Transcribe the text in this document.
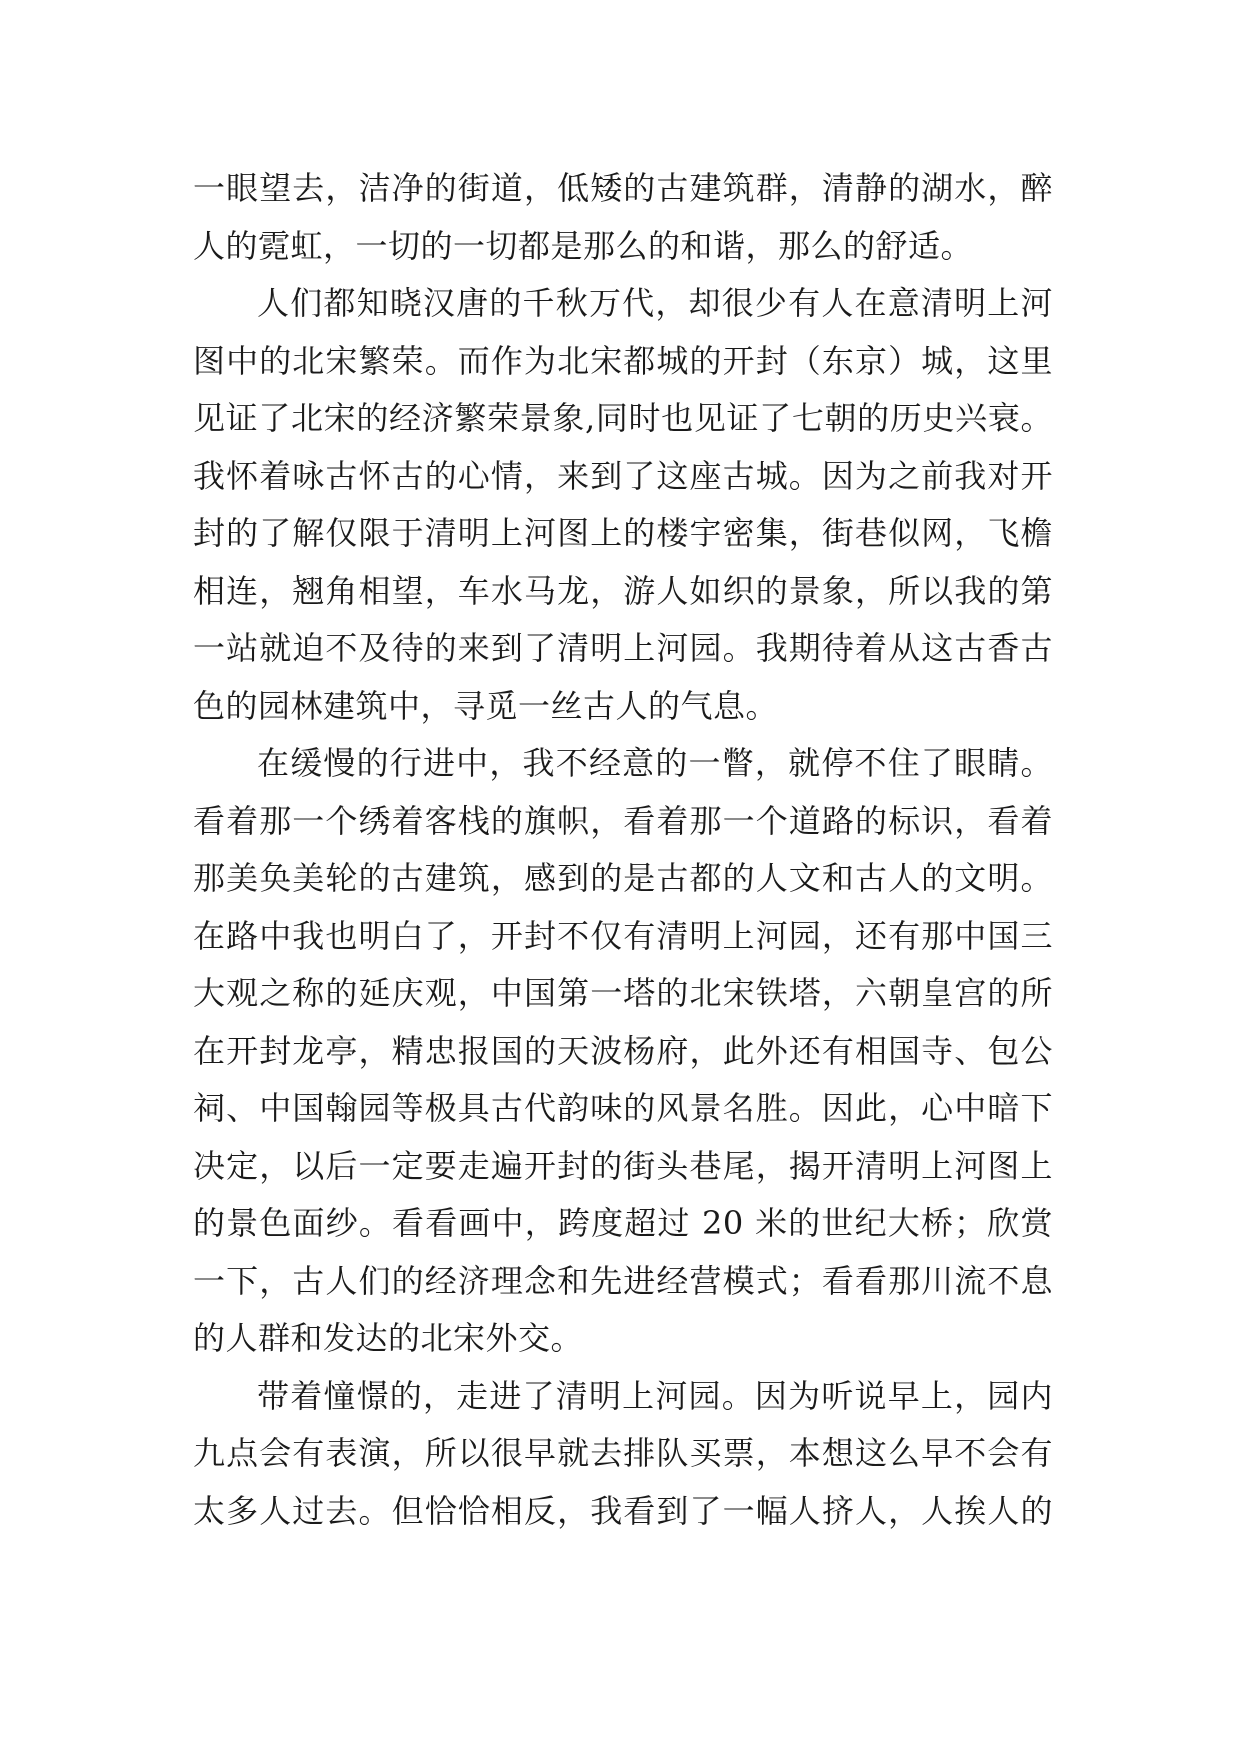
一眼望去，洁净的街道，低矮的古建筑群，清静的湖水，醉
人的霓虹，一切的一切都是那么的和谐，那么的舒适。
人们都知晓汉唐的千秋万代，却很少有人在意清明上河
图中的北宋繁荣。而作为北宋都城的开封（东京）城，这里
见证了北宋的经济繁荣景象,同时也见证了七朝的历史兴衰。
我怀着咏古怀古的心情，来到了这座古城。因为之前我对开
封的了解仅限于清明上河图上的楼宇密集，街巷似网，飞檐
相连，翘角相望，车水马龙，游人如织的景象，所以我的第
一站就迫不及待的来到了清明上河园。我期待着从这古香古
色的园林建筑中，寻觅一丝古人的气息。
在缓慢的行进中，我不经意的一瞥，就停不住了眼睛。
看着那一个绣着客栈的旗帜，看着那一个道路的标识，看着
那美奂美轮的古建筑，感到的是古都的人文和古人的文明。
在路中我也明白了，开封不仅有清明上河园，还有那中国三
大观之称的延庆观，中国第一塔的北宋铁塔，六朝皇宫的所
在开封龙亭，精忠报国的天波杨府，此外还有相国寺、包公
祠、中国翰园等极具古代韵味的风景名胜。因此，心中暗下
决定，以后一定要走遍开封的街头巷尾，揭开清明上河图上
的景色面纱。看看画中，跨度超过 20 米的世纪大桥；欣赏
一下，古人们的经济理念和先进经营模式；看看那川流不息
的人群和发达的北宋外交。
带着憧憬的，走进了清明上河园。因为听说早上，园内
九点会有表演，所以很早就去排队买票，本想这么早不会有
太多人过去。但恰恰相反，我看到了一幅人挤人，人挨人的
